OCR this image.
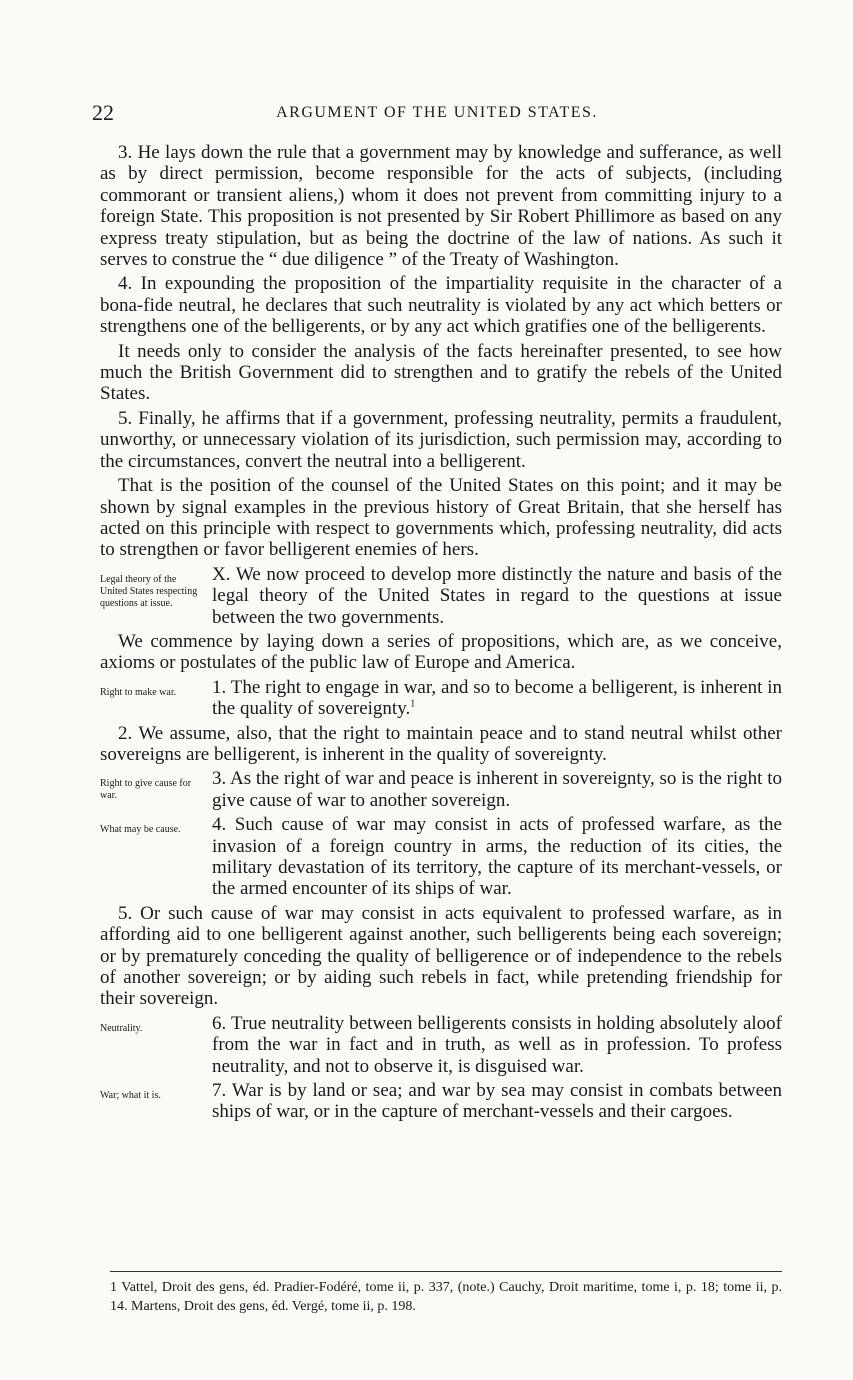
22	ARGUMENT OF THE UNITED STATES.

3. He lays down the rule that a government may by knowledge and sufferance, as well as by direct permission, become responsible for the acts of subjects, (including commorant or transient aliens,) whom it does not prevent from committing injury to a foreign State. This proposition is not presented by Sir Robert Phillimore as based on any express treaty stipulation, but as being the doctrine of the law of nations. As such it serves to construe the “ due diligence ” of the Treaty of Washington.

4. In expounding the proposition of the impartiality requisite in the character of a bona-fide neutral, he declares that such neutrality is violated by any act which betters or strengthens one of the belligerents, or by any act which gratifies one of the belligerents.

It needs only to consider the analysis of the facts hereinafter presented, to see how much the British Government did to strengthen and to gratify the rebels of the United States.

5. Finally, he affirms that if a government, professing neutrality, permits a fraudulent, unworthy, or unnecessary violation of its jurisdiction, such permission may, according to the circumstances, convert the neutral into a belligerent.

That is the position of the counsel of the United States on this point; and it may be shown by signal examples in the previous history of Great Britain, that she herself has acted on this principle with respect to governments which, professing neutrality, did acts to strengthen or favor belligerent enemies of hers.

Legal theory of the United States respecting questions at issue.
X. We now proceed to develop more distinctly the nature and basis of the legal theory of the United States in regard to the questions at issue between the two governments.

We commence by laying down a series of propositions, which are, as we conceive, axioms or postulates of the public law of Europe and America.

Right to make war.	1. The right to engage in war, and so to become a belligerent, is inherent in the quality of sovereignty.$^1$

2. We assume, also, that the right to maintain peace and to stand neutral whilst other sovereigns are belligerent, is inherent in the quality of sovereignty.

Right to give cause for war.
3. As the right of war and peace is inherent in sovereignty, so is the right to give cause of war to another sovereign.
What may be cause.	4. Such cause of war may consist in acts of professed warfare, as the invasion of a foreign country in arms, the reduction of its cities, the military devastation of its territory, the capture of its merchant-vessels, or the armed encounter of its ships of war.

5. Or such cause of war may consist in acts equivalent to professed warfare, as in affording aid to one belligerent against another, such belligerents being each sovereign; or by prematurely conceding the quality of belligerence or of independence to the rebels of another sovereign; or by aiding such rebels in fact, while pretending friendship for their sovereign.

Neutrality.	6. True neutrality between belligerents consists in holding absolutely aloof from the war in fact and in truth, as well as in profession. To profess neutrality, and not to observe it, is disguised war.
War; what it is.	7. War is by land or sea; and war by sea may consist in combats between ships of war, or in the capture of merchant-vessels and their cargoes.
1 Vattel, Droit des gens, éd. Pradier-Fodéré, tome ii, p. 337, (note.) Cauchy, Droit maritime, tome i, p. 18; tome ii, p. 14. Martens, Droit des gens, éd. Vergé, tome ii, p. 198.
